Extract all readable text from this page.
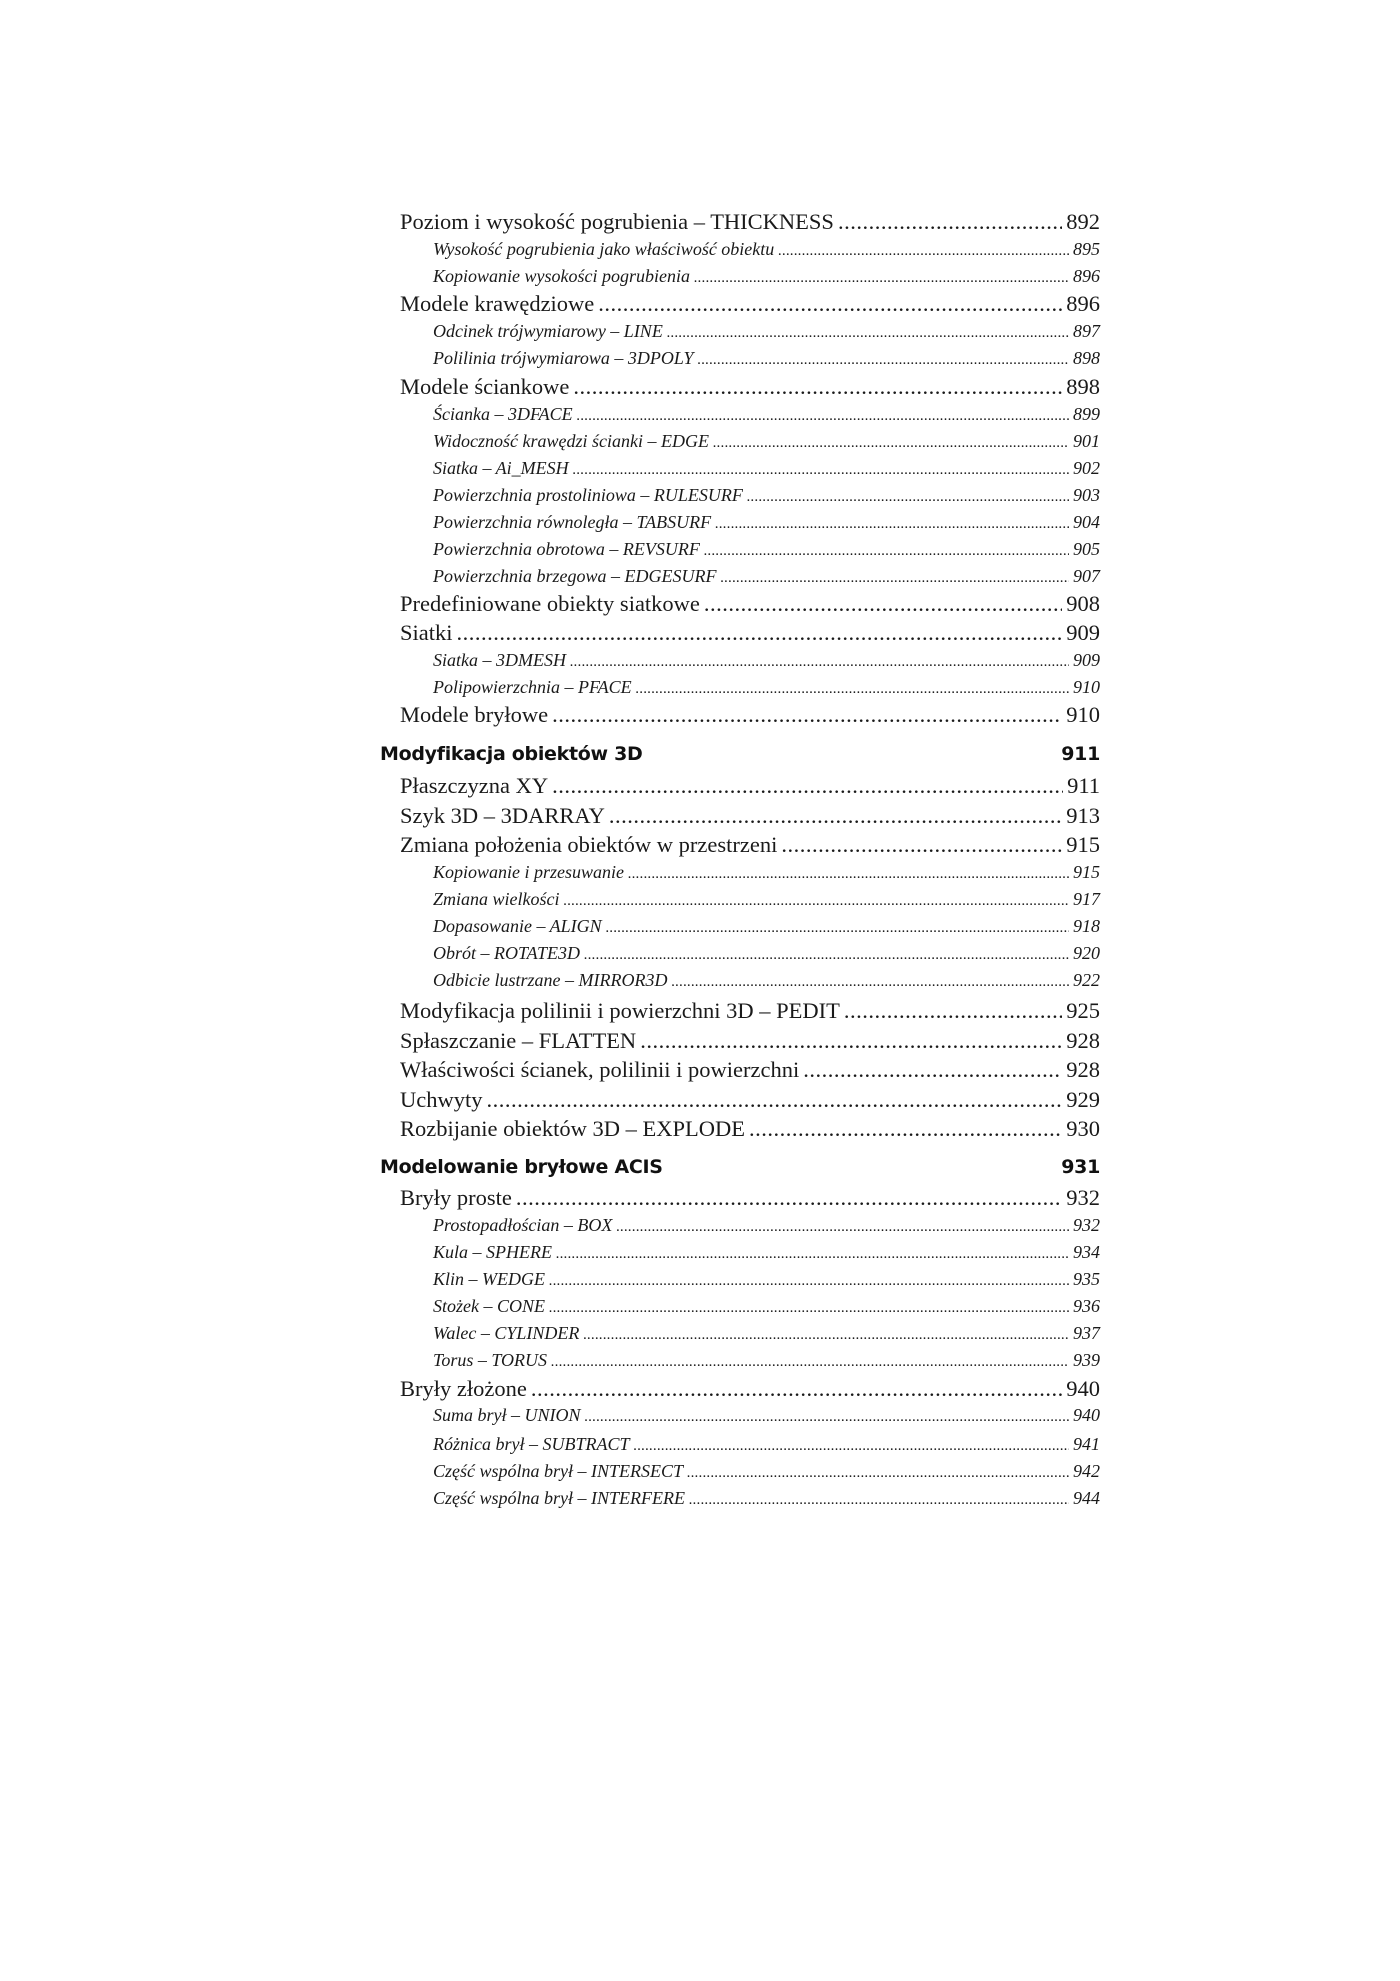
Poziom i wysokość pogrubienia – THICKNESS .....	892
Wysokość pogrubienia jako właściwość obiektu .....	895
Kopiowanie wysokości pogrubienia .....	896
Modele krawędziowe .....	896
Odcinek trójwymiarowy – LINE .....	897
Polilinia trójwymiarowa – 3DPOLY .....	898
Modele ściankowe .....	898
Ścianka – 3DFACE .....	899
Widoczność krawędzi ścianki – EDGE .....	901
Siatka – Ai_MESH .....	902
Powierzchnia prostoliniowa – RULESURF .....	903
Powierzchnia równoległa – TABSURF .....	904
Powierzchnia obrotowa – REVSURF .....	905
Powierzchnia brzegowa – EDGESURF .....	907
Predefiniowane obiekty siatkowe .....	908
Siatki .....	909
Siatka – 3DMESH .....	909
Polipowierzchnia – PFACE .....	910
Modele bryłowe .....	910
Modyfikacja obiektów 3D	911
Płaszczyzna XY .....	911
Szyk 3D – 3DARRAY .....	913
Zmiana położenia obiektów w przestrzeni .....	915
Kopiowanie i przesuwanie .....	915
Zmiana wielkości .....	917
Dopasowanie – ALIGN .....	918
Obrót – ROTATE3D .....	920
Odbicie lustrzane – MIRROR3D .....	922
Modyfikacja polilinii i powierzchni 3D – PEDIT .....	925
Spłaszczanie – FLATTEN .....	928
Właściwości ścianek, polilinii i powierzchni .....	928
Uchwyty .....	929
Rozbijanie obiektów 3D – EXPLODE .....	930
Modelowanie bryłowe ACIS	931
Bryły proste .....	932
Prostopadłościan – BOX .....	932
Kula – SPHERE .....	934
Klin – WEDGE .....	935
Stożek – CONE .....	936
Walec – CYLINDER .....	937
Torus – TORUS .....	939
Bryły złożone .....	940
Suma brył – UNION .....	940
Różnica brył – SUBTRACT .....	941
Część wspólna brył – INTERSECT .....	942
Część wspólna brył – INTERFERE .....	944
